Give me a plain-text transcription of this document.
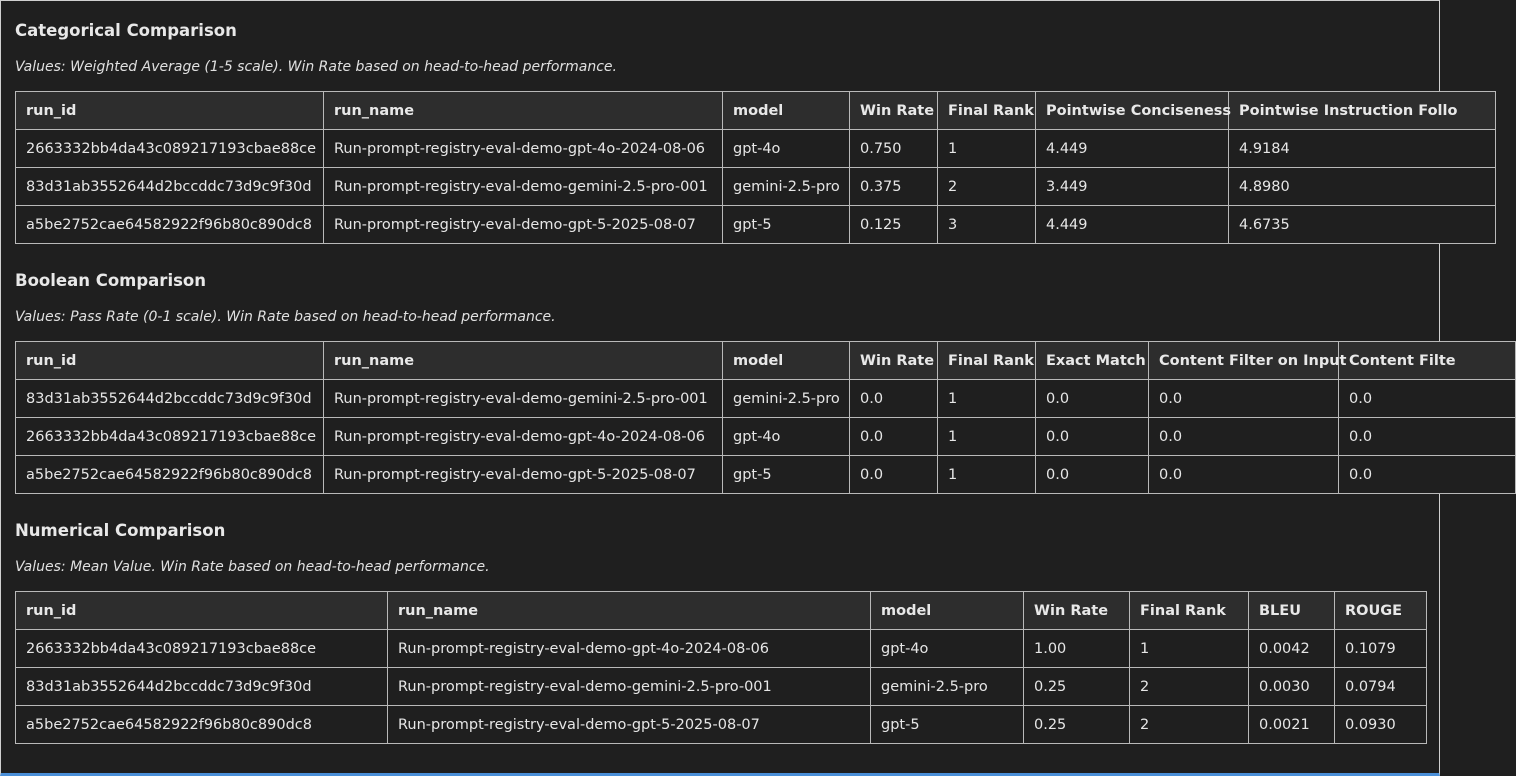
Categorical Comparison
Values: Weighted Average (1-5 scale). Win Rate based on head-to-head performance.
run_id	run_name	model	Win Rate	Final Rank	Pointwise Conciseness	Pointwise Instruction Follo
2663332bb4da43c089217193cbae88ce	Run-prompt-registry-eval-demo-gpt-4o-2024-08-06	gpt-4o	0.750	1	4.449	4.9184
83d31ab3552644d2bccddc73d9c9f30d	Run-prompt-registry-eval-demo-gemini-2.5-pro-001	gemini-2.5-pro	0.375	2	3.449	4.8980
a5be2752cae64582922f96b80c890dc8	Run-prompt-registry-eval-demo-gpt-5-2025-08-07	gpt-5	0.125	3	4.449	4.6735
Boolean Comparison
Values: Pass Rate (0-1 scale). Win Rate based on head-to-head performance.
run_id	run_name	model	Win Rate	Final Rank	Exact Match	Content Filter on Input	Content Filte
83d31ab3552644d2bccddc73d9c9f30d	Run-prompt-registry-eval-demo-gemini-2.5-pro-001	gemini-2.5-pro	0.0	1	0.0	0.0	0.0
2663332bb4da43c089217193cbae88ce	Run-prompt-registry-eval-demo-gpt-4o-2024-08-06	gpt-4o	0.0	1	0.0	0.0	0.0
a5be2752cae64582922f96b80c890dc8	Run-prompt-registry-eval-demo-gpt-5-2025-08-07	gpt-5	0.0	1	0.0	0.0	0.0
Numerical Comparison
Values: Mean Value. Win Rate based on head-to-head performance.
run_id	run_name	model	Win Rate	Final Rank	BLEU	ROUGE
2663332bb4da43c089217193cbae88ce	Run-prompt-registry-eval-demo-gpt-4o-2024-08-06	gpt-4o	1.00	1	0.0042	0.1079
83d31ab3552644d2bccddc73d9c9f30d	Run-prompt-registry-eval-demo-gemini-2.5-pro-001	gemini-2.5-pro	0.25	2	0.0030	0.0794
a5be2752cae64582922f96b80c890dc8	Run-prompt-registry-eval-demo-gpt-5-2025-08-07	gpt-5	0.25	2	0.0021	0.0930
